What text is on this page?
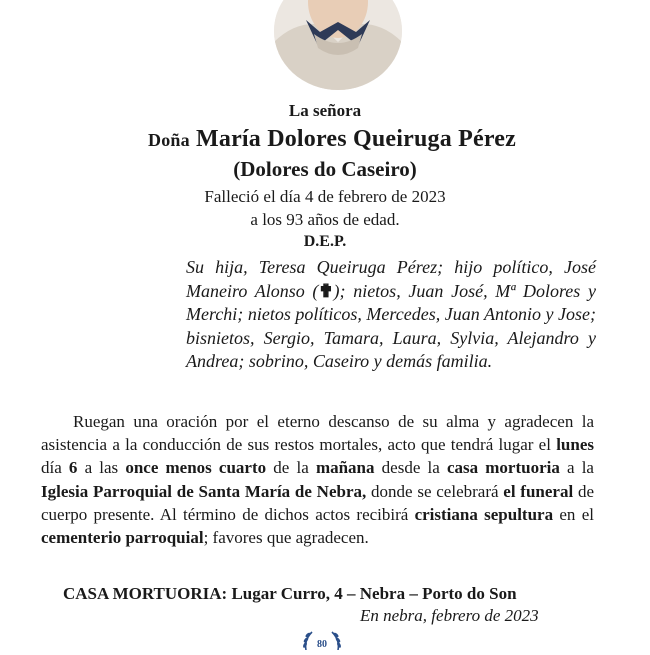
La señora
Doña María Dolores Queiruga Pérez
(Dolores do Caseiro)
Falleció el día 4 de febrero de 2023
a los 93 años de edad.
D.E.P.
Su hija, Teresa Queiruga Pérez; hijo político, José Maneiro Alonso (✟); nietos, Juan José, Mª Dolores y Merchi; nietos políticos, Mercedes, Juan Antonio y Jose; bisnietos, Sergio, Tamara, Laura, Sylvia, Alejandro y Andrea; sobrino, Caseiro y demás familia.
Ruegan una oración por el eterno descanso de su alma y agradecen la asistencia a la conducción de sus restos mortales, acto que tendrá lugar el lunes día 6 a las once menos cuarto de la mañana desde la casa mortuoria a la Iglesia Parroquial de Santa María de Nebra, donde se celebrará el funeral de cuerpo presente. Al término de dichos actos recibirá cristiana sepultura en el cementerio parroquial; favores que agradecen.
CASA MORTUORIA: Lugar Curro, 4 – Nebra – Porto do Son
En nebra, febrero de 2023
80
